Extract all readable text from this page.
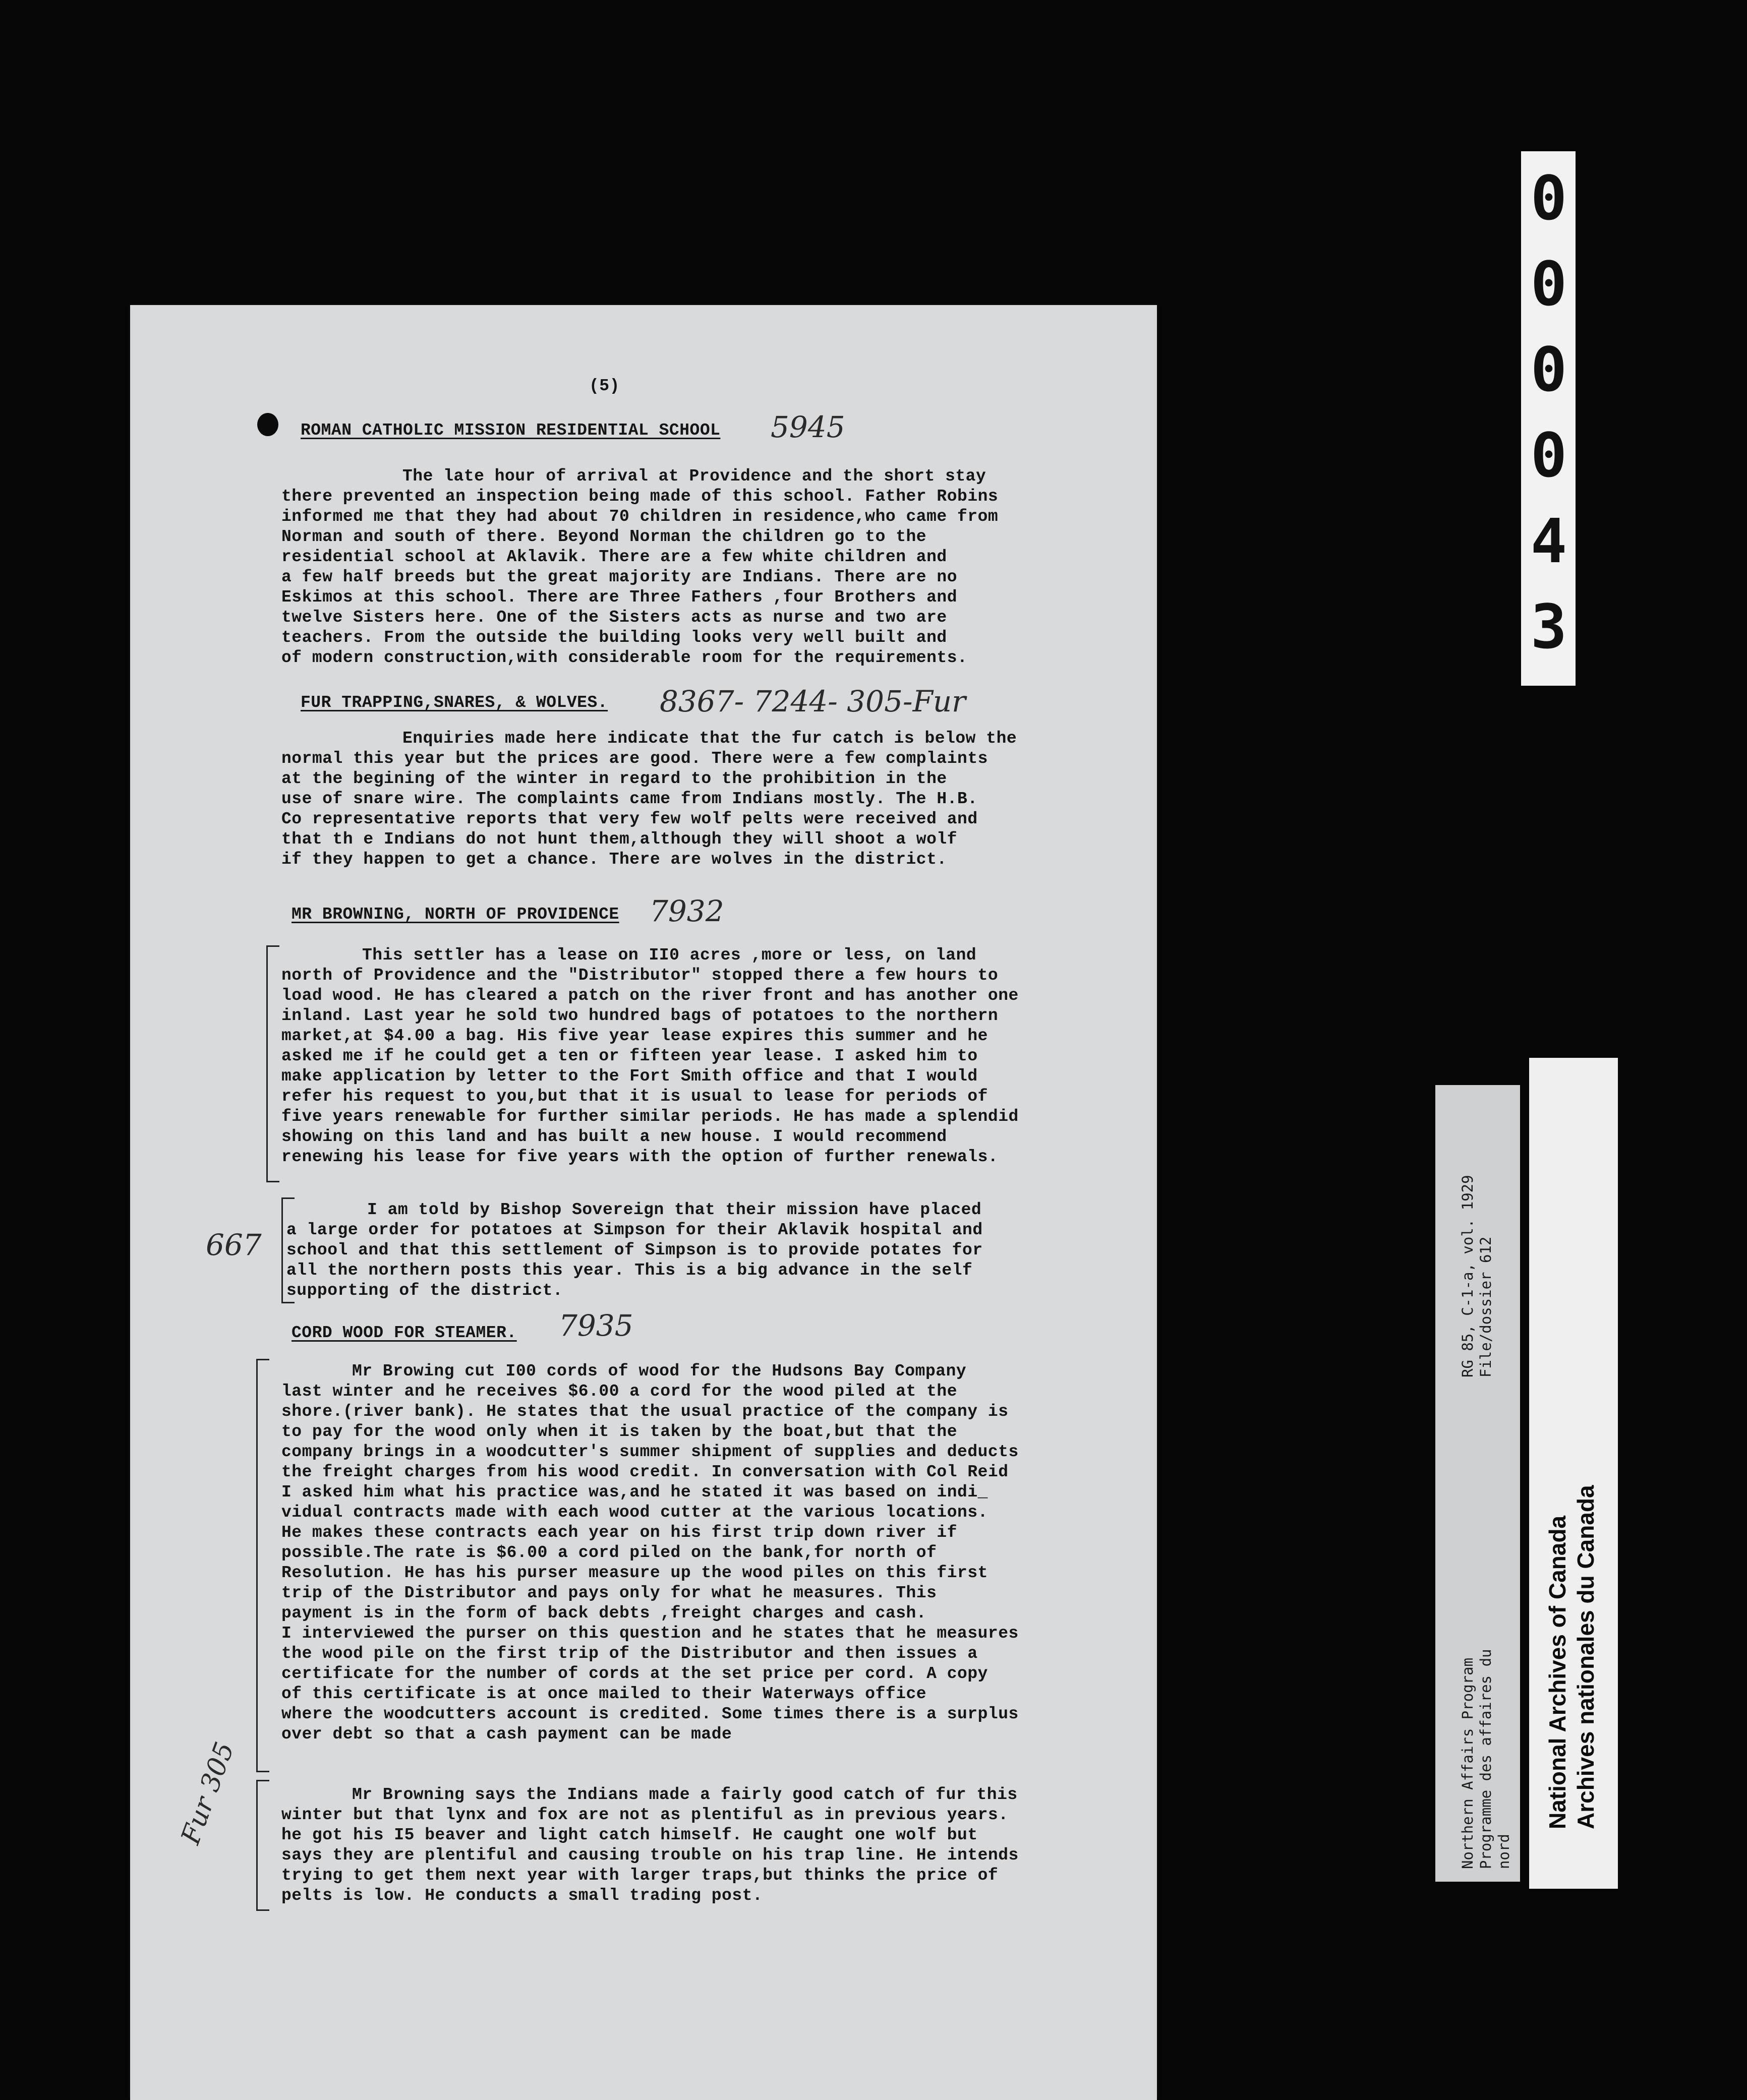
(5)
ROMAN CATHOLIC MISSION RESIDENTIAL SCHOOL 5945
The late hour of arrival at Providence and the short stay
there prevented an inspection being made of this school. Father Robins
informed me that they had about 70 children in residence,who came from
Norman and south of there. Beyond Norman the children go to the
residential school at Aklavik. There are a few white children and
a few half breeds but the great majority are Indians. There are no
Eskimos at this school. There are Three Fathers ,four Brothers and
twelve Sisters here. One of the Sisters acts as nurse and two are
teachers. From the outside the building looks very well built and
of modern construction,with considerable room for the requirements.
FUR TRAPPING,SNARES, & WOLVES. 8367- 7244- 305-Fur
Enquiries made here indicate that the fur catch is below the
normal this year but the prices are good. There were a few complaints
at the begining of the winter in regard to the prohibition in the
use of snare wire. The complaints came from Indians mostly. The H.B.
Co representative reports that very few wolf pelts were received and
that th e Indians do not hunt them,although they will shoot a wolf
if they happen to get a chance. There are wolves in the district.
MR BROWNING, NORTH OF PROVIDENCE 7932
This settler has a lease on II0 acres ,more or less, on land
north of Providence and the "Distributor" stopped there a few hours to
load wood. He has cleared a patch on the river front and has another one
inland. Last year he sold two hundred bags of potatoes to the northern
market,at $4.00 a bag. His five year lease expires this summer and he
asked me if he could get a ten or fifteen year lease. I asked him to
make application by letter to the Fort Smith office and that I would
refer his request to you,but that it is usual to lease for periods of
five years renewable for further similar periods. He has made a splendid
showing on this land and has built a new house. I would recommend
renewing his lease for five years with the option of further renewals.
667
I am told by Bishop Sovereign that their mission have placed
a large order for potatoes at Simpson for their Aklavik hospital and
school and that this settlement of Simpson is to provide potates for
all the northern posts this year. This is a big advance in the self
supporting of the district.
CORD WOOD FOR STEAMER. 7935
Mr Browing cut I00 cords of wood for the Hudsons Bay Company
last winter and he receives $6.00 a cord for the wood piled at the
shore.(river bank). He states that the usual practice of the company is
to pay for the wood only when it is taken by the boat,but that the
company brings in a woodcutter's summer shipment of supplies and deducts
the freight charges from his wood credit. In conversation with Col Reid
I asked him what his practice was,and he stated it was based on indi_
vidual contracts made with each wood cutter at the various locations.
He makes these contracts each year on his first trip down river if
possible.The rate is $6.00 a cord piled on the bank,for north of
Resolution. He has his purser measure up the wood piles on this first
trip of the Distributor and pays only for what he measures. This
payment is in the form of back debts ,freight charges and cash.
I interviewed the purser on this question and he states that he measures
the wood pile on the first trip of the Distributor and then issues a
certificate for the number of cords at the set price per cord. A copy
of this certificate is at once mailed to their Waterways office
where the woodcutters account is credited. Some times there is a surplus
over debt so that a cash payment can be made
Fur 305	Mr Browning says the Indians made a fairly good catch of fur this
winter but that lynx and fox are not as plentiful as in previous years.
he got his I5 beaver and light catch himself. He caught one wolf but
says they are plentiful and causing trouble on his trap line. He intends
trying to get them next year with larger traps,but thinks the price of
pelts is low. He conducts a small trading post.
0
0
0
0
4
3
RG 85, C-1-a, vol. 1929 File/dossier 612
Northern Affairs Program Programme des affaires du nord
National Archives of Canada Archives nationales du Canada
